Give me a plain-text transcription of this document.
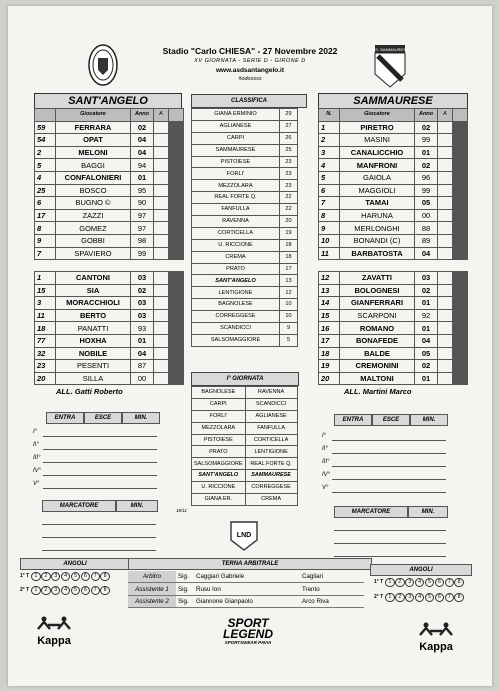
A.S. SAMMAURESE
Stadio "Carlo CHIESA" - 27 Novembre 2022
XV GIORNATA - SERIE D - GIRONE D
www.asdsantangelo.it
#odossss
SANT'ANGELO
	Giocatore	Anno	A	
59	FERRARA	02		
54	OPAT	04		
2	MELONI	04		
5	BAGGI	94		
4	CONFALONIERI	01		
25	BOSCO	95		
6	BUGNO ©	90		
17	ZAZZI	97		
8	GOMEZ	97		
9	GOBBI	98		
7	SPAVIERO	99		
1	CANTONI	03		
15	SIA	02		
3	MORACCHIOLI	03		
11	BERTO	03		
18	PANATTI	93		
77	HOXHA	01		
32	NOBILE	04		
23	PESENTI	87		
20	SILLA	00		
ALL. Gatti Roberto
CLASSIFICA
GIANA ERMINIO	29
AGLIANESE	27
CARPI	26
SAMMAURESE	25
PISTOIESE	23
FORLI'	23
MEZZOLARA	23
REAL FORTE Q.	22
FANFULLA	22
RAVENNA	20
CORTICELLA	19
U. RICCIONE	18
CREMA	18
PRATO	17
SANT'ANGELO	13
LENTIGIONE	12
BAGNOLESE	10
CORREGGESE	10
SCANDICCI	9
SALSOMAGGIORE	5
SAMMAURESE
N.	Giocatore	Anno	A	
1	PIRETRO	02		
2	MASINI	99		
3	CANALICCHIO	01		
4	MANFRONI	02		
5	GAIOLA	96		
6	MAGGIOLI	99		
7	TAMAI	05		
8	HARUNA	00		
9	MERLONGHI	88		
10	BONANDI (C)	89		
11	BARBATOSTA	04		
12	ZAVATTI	03		
13	BOLOGNESI	02		
14	GIANFERRARI	01		
15	SCARPONI	92		
16	ROMANO	01		
17	BONAFEDE	04		
18	BALDE	05		
19	CREMONINI	02		
20	MALTONI	01		
ALL. Martini Marco
I° GIORNATA
BAGNOLESE	RAVENNA
CARPI	SCANDICCI
FORLI'	AGLIANESE
MEZZOLARA	FANFULLA
PISTOIESE	CORTICELLA
PRATO	LENTIGIONE
SALSOMAGGIORE	REAL FORTE Q.
SANT'ANGELO	SAMMAURESE
U. RICCIONE	CORREGGESE
GIANA ER.	CREMA
18/11
ENTRA	ESCE	MIN.
I°
II°
III°
IV°
V°
ENTRA	ESCE	MIN.
I°
II°
III°
IV°
V°
MARCATORE	MIN.
MARCATORE	MIN.
LND
ANGOLI	TERNA ARBITRALE
ANGOLI
1° T 1 2 3 4 5 6 7 8
2° T 1 2 3 4 5 6 7 8
1° T 1 2 3 4 5 6 7 8
2° T 1 2 3 4 5 6 7 8
Arbitro	Sig.	Caggiari Gabriele	Cagliari
Assistente 1	Sig.	Rusu Ion	Trento
Assistente 2	Sig.	Giannone Gianpaolo	Arco Riva
Kappa
SPORT
LEGEND
SPORTSWEAR PAVIA	Kappa
